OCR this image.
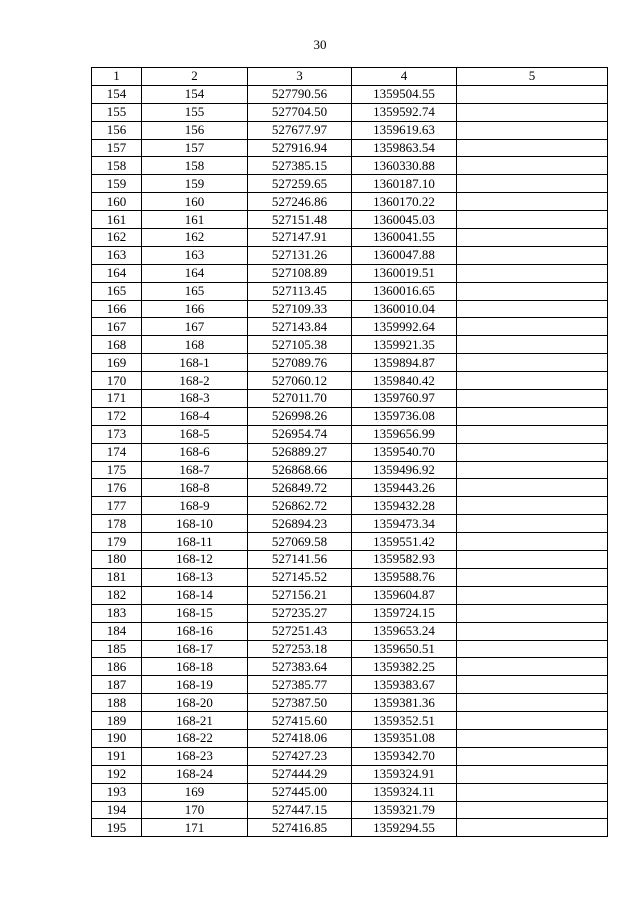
30
1	2	3	4	5
154	154	527790.56	1359504.55	
155	155	527704.50	1359592.74	
156	156	527677.97	1359619.63	
157	157	527916.94	1359863.54	
158	158	527385.15	1360330.88	
159	159	527259.65	1360187.10	
160	160	527246.86	1360170.22	
161	161	527151.48	1360045.03	
162	162	527147.91	1360041.55	
163	163	527131.26	1360047.88	
164	164	527108.89	1360019.51	
165	165	527113.45	1360016.65	
166	166	527109.33	1360010.04	
167	167	527143.84	1359992.64	
168	168	527105.38	1359921.35	
169	168-1	527089.76	1359894.87	
170	168-2	527060.12	1359840.42	
171	168-3	527011.70	1359760.97	
172	168-4	526998.26	1359736.08	
173	168-5	526954.74	1359656.99	
174	168-6	526889.27	1359540.70	
175	168-7	526868.66	1359496.92	
176	168-8	526849.72	1359443.26	
177	168-9	526862.72	1359432.28	
178	168-10	526894.23	1359473.34	
179	168-11	527069.58	1359551.42	
180	168-12	527141.56	1359582.93	
181	168-13	527145.52	1359588.76	
182	168-14	527156.21	1359604.87	
183	168-15	527235.27	1359724.15	
184	168-16	527251.43	1359653.24	
185	168-17	527253.18	1359650.51	
186	168-18	527383.64	1359382.25	
187	168-19	527385.77	1359383.67	
188	168-20	527387.50	1359381.36	
189	168-21	527415.60	1359352.51	
190	168-22	527418.06	1359351.08	
191	168-23	527427.23	1359342.70	
192	168-24	527444.29	1359324.91	
193	169	527445.00	1359324.11	
194	170	527447.15	1359321.79	
195	171	527416.85	1359294.55	
